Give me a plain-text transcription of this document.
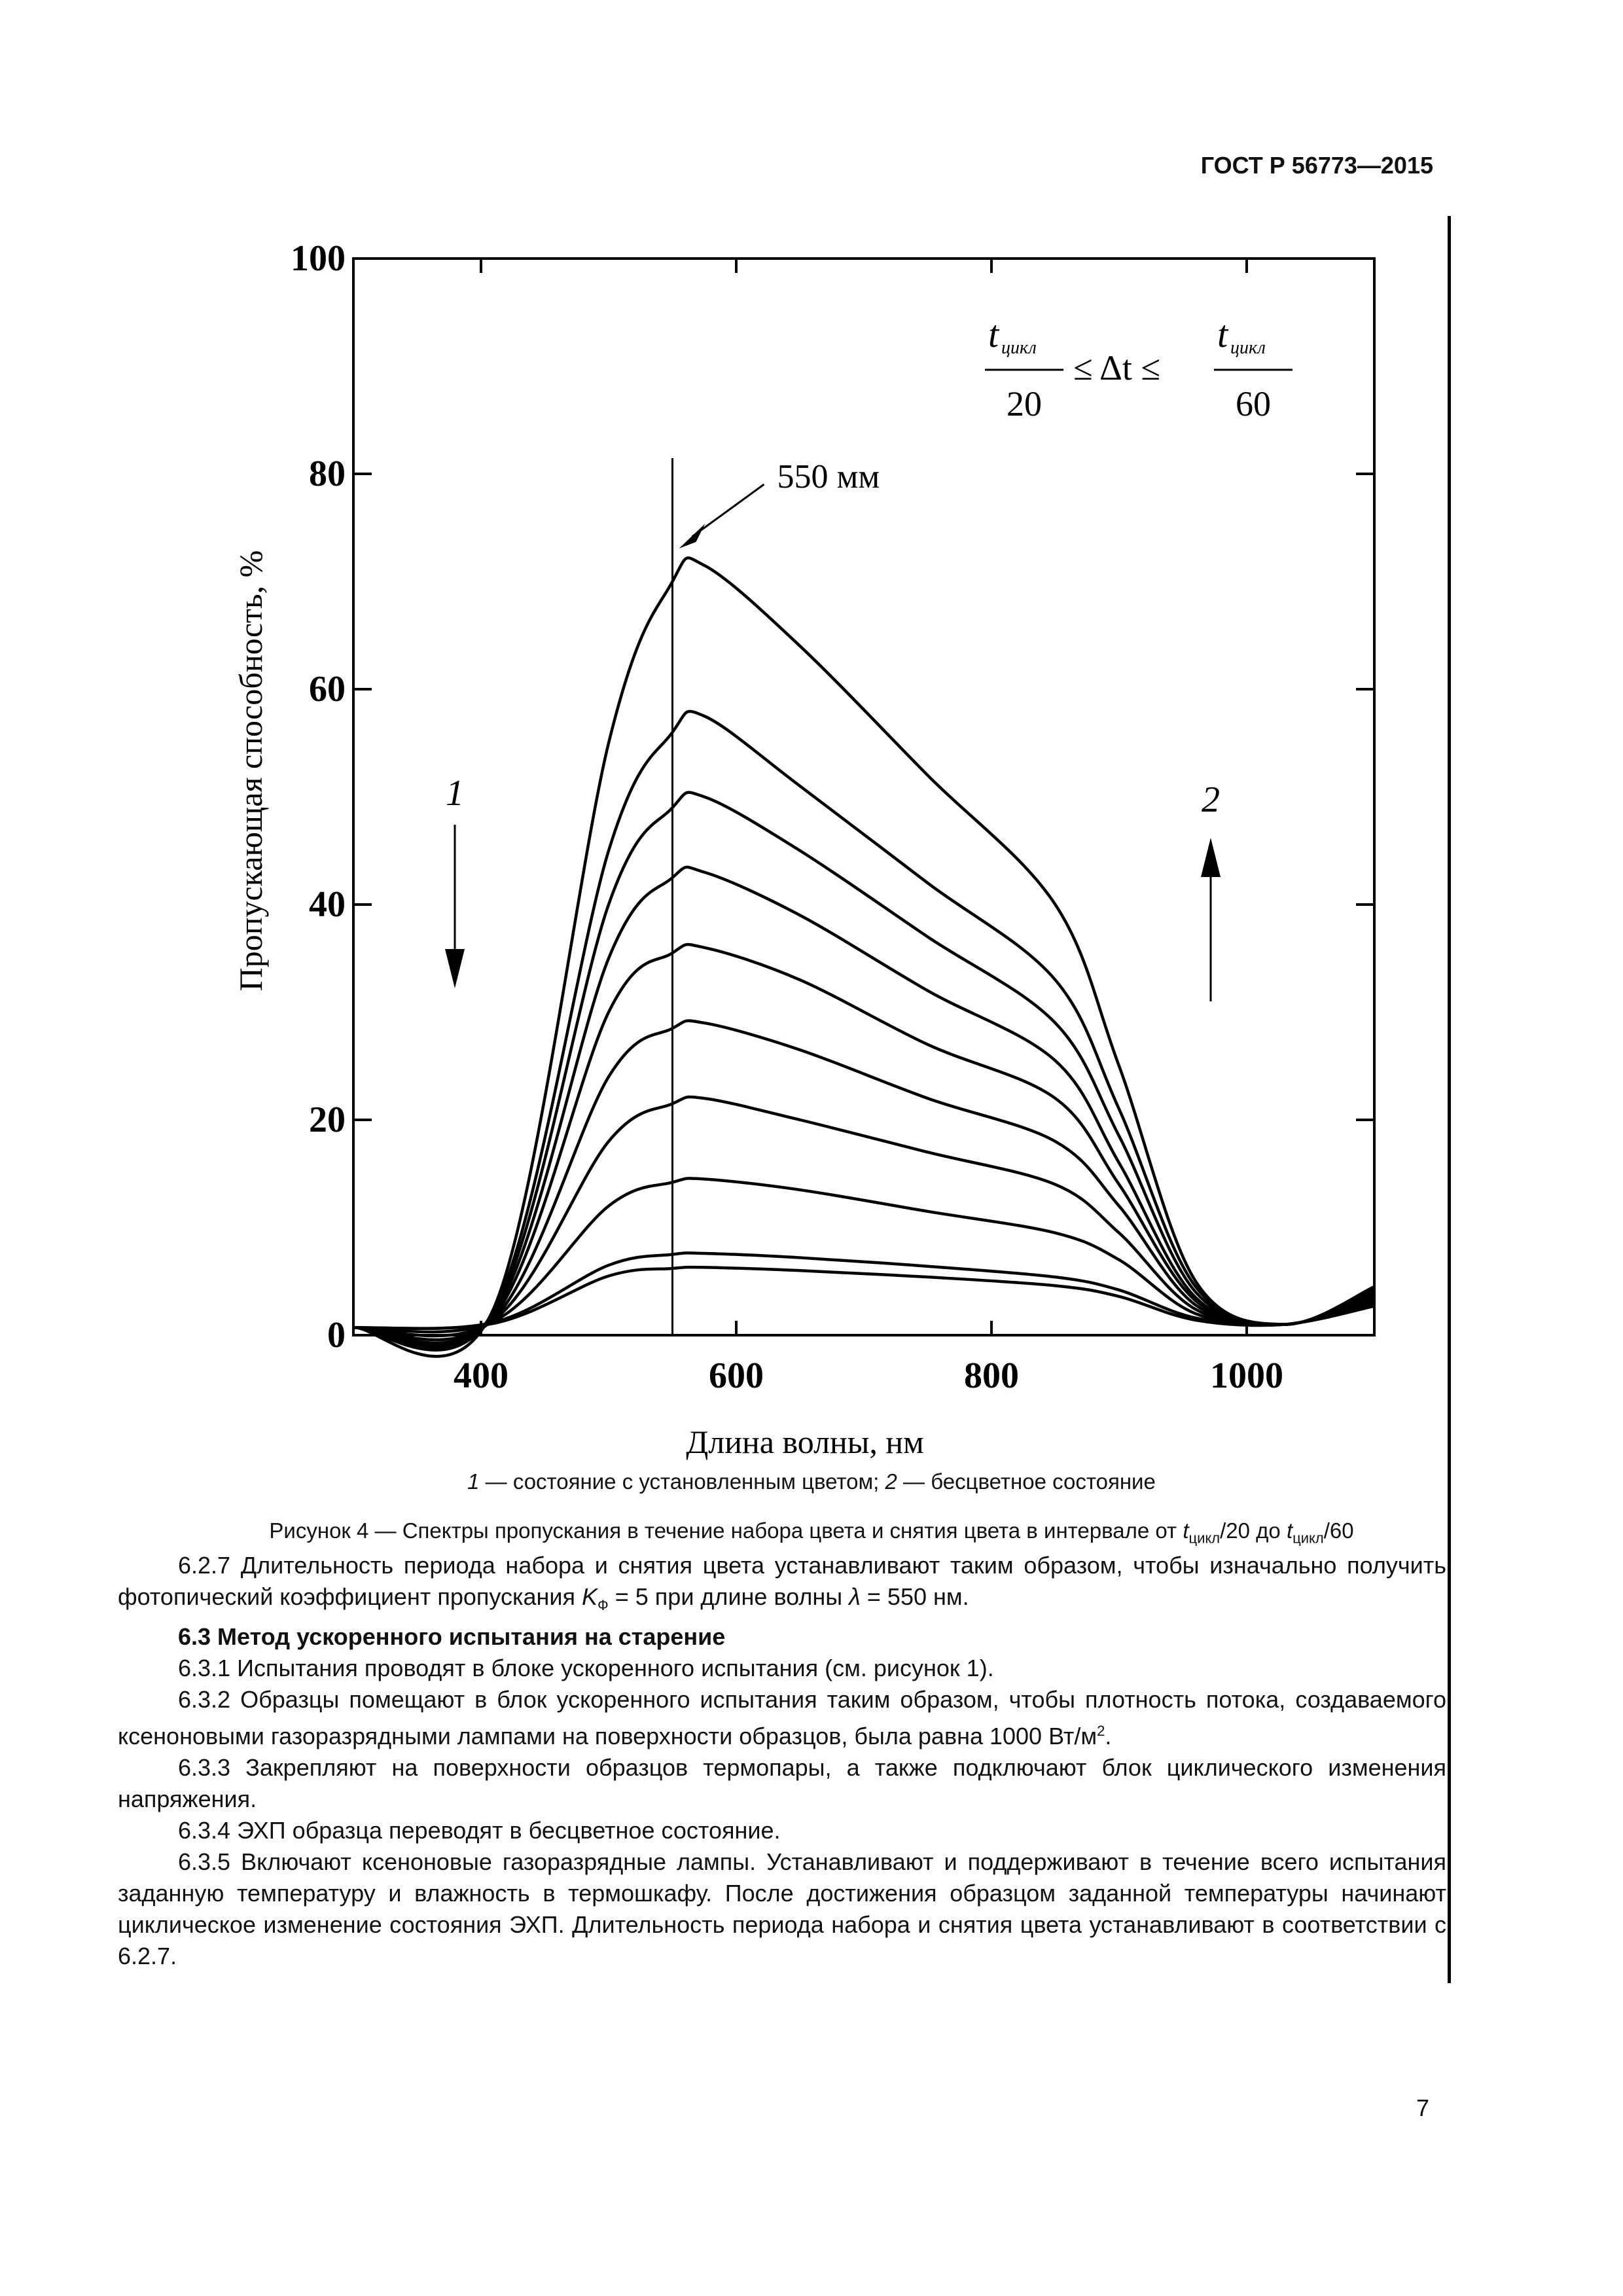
ГОСТ Р 56773—2015
400	600	800	1000
0
20
40
60
80
100
Длина волны, нм
Пропускающая способность, %
550 мм
t цикл
20
≤ Δt ≤
t цикл
60
1	2
1 — состояние с установленным цветом; 2 — бесцветное состояние
Рисунок 4 — Спектры пропускания в течение набора цвета и снятия цвета в интервале от $t_{цикл}/20$ до $t_{цикл}/60$

6.2.7 Длительность периода набора и снятия цвета устанавливают таким образом, чтобы изначально получить фотопический коэффициент пропускания $K_Ф = 5$ при длине волны λ = 550 нм.

6.3 Метод ускоренного испытания на старение

6.3.1 Испытания проводят в блоке ускоренного испытания (см. рисунок 1).

6.3.2 Образцы помещают в блок ускоренного испытания таким образом, чтобы плотность потока, создаваемого ксеноновыми газоразрядными лампами на поверхности образцов, была равна 1000 $Вт/м^2$.

6.3.3 Закрепляют на поверхности образцов термопары, а также подключают блок циклического изменения напряжения.

6.3.4 ЭХП образца переводят в бесцветное состояние.

6.3.5 Включают ксеноновые газоразрядные лампы. Устанавливают и поддерживают в течение всего испытания заданную температуру и влажность в термошкафу. После достижения образцом заданной температуры начинают циклическое изменение состояния ЭХП. Длительность периода набора и снятия цвета устанавливают в соответствии с 6.2.7.

7
